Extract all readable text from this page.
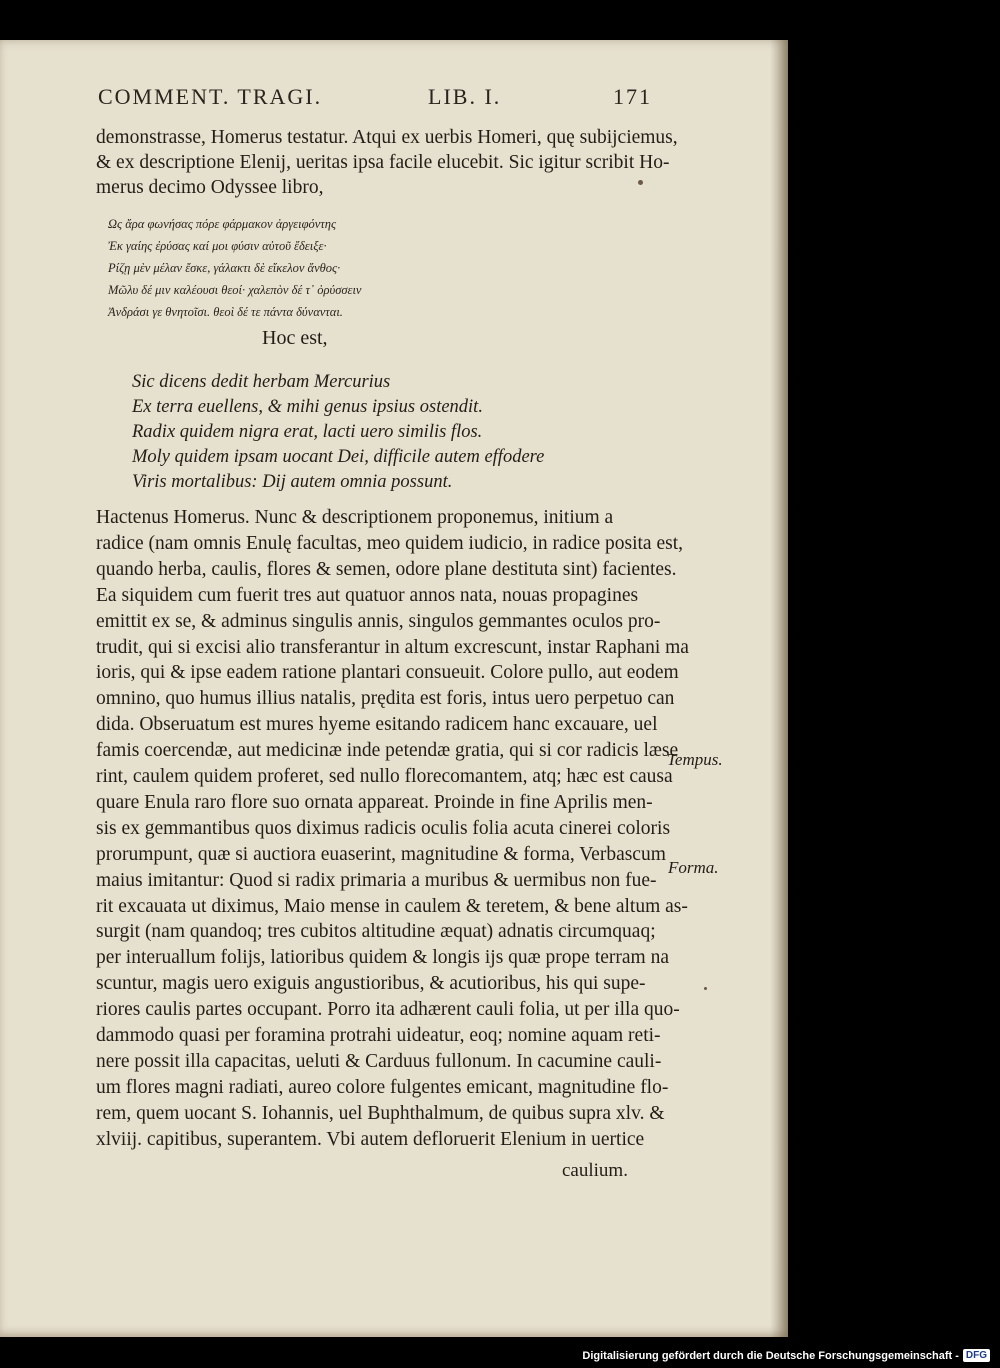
COMMENT. TRAGI.	LIB. I.	171
demonstrasse, Homerus testatur. Atqui ex uerbis Homeri, quę subijciemus,
& ex descriptione Elenij, ueritas ipsa facile elucebit. Sic igitur scribit Ho-
merus decimo Odyssee libro,
Ως ἄρα φωνήσας πόρε φάρμακον ἀργειφόντης
Ἐκ γαίης ἐρύσας καί μοι φύσιν αὐτοῦ ἔδειξε·
Ρίζῃ μὲν μέλαν ἔσκε, γάλακτι δὲ εἴκελον ἄνθος·
Μῶλυ δέ μιν καλέουσι θεοί· χαλεπὸν δέ τ᾽ ὀρύσσειν
Ἀνδράσι γε θνητοῖσι. θεοὶ δέ τε πάντα δύνανται.
Hoc est,
Sic dicens dedit herbam Mercurius
Ex terra euellens, & mihi genus ipsius ostendit.
Radix quidem nigra erat, lacti uero similis flos.
Moly quidem ipsam uocant Dei, difficile autem effodere
Viris mortalibus: Dij autem omnia possunt.
Hactenus Homerus. Nunc & descriptionem proponemus, initium a
radice (nam omnis Enulę facultas, meo quidem iudicio, in radice posita est,
quando herba, caulis, flores & semen, odore plane destituta sint) facientes.
Ea siquidem cum fuerit tres aut quatuor annos nata, nouas propagines
emittit ex se, & adminus singulis annis, singulos gemmantes oculos pro-
trudit, qui si excisi alio transferantur in altum excrescunt, instar Raphani ma
ioris, qui & ipse eadem ratione plantari consueuit. Colore pullo, aut eodem
omnino, quo humus illius natalis, prędita est foris, intus uero perpetuo can
dida. Obseruatum est mures hyeme esitando radicem hanc excauare, uel
famis coercendæ, aut medicinæ inde petendæ gratia, qui si cor radicis læse
rint, caulem quidem proferet, sed nullo florecomantem, atq; hæc est causa
quare Enula raro flore suo ornata appareat. Proinde in fine Aprilis men-
sis ex gemmantibus quos diximus radicis oculis folia acuta cinerei coloris
prorumpunt, quæ si auctiora euaserint, magnitudine & forma, Verbascum
maius imitantur: Quod si radix primaria a muribus & uermibus non fue-
rit excauata ut diximus, Maio mense in caulem & teretem, & bene altum as-
surgit (nam quandoq; tres cubitos altitudine æquat) adnatis circumquaq;
per interuallum folijs, latioribus quidem & longis ijs quæ prope terram na
scuntur, magis uero exiguis angustioribus, & acutioribus, his qui supe-
riores caulis partes occupant. Porro ita adhærent cauli folia, ut per illa quo-
dammodo quasi per foramina protrahi uideatur, eoq; nomine aquam reti-
nere possit illa capacitas, ueluti & Carduus fullonum. In cacumine cauli-
um flores magni radiati, aureo colore fulgentes emicant, magnitudine flo-
rem, quem uocant S. Iohannis, uel Buphthalmum, de quibus supra xlv. &
xlviij. capitibus, superantem. Vbi autem defloruerit Elenium in uertice
caulium.
Tempus.
Forma.
Digitalisierung gefördert durch die Deutsche Forschungsgemeinschaft - DFG
